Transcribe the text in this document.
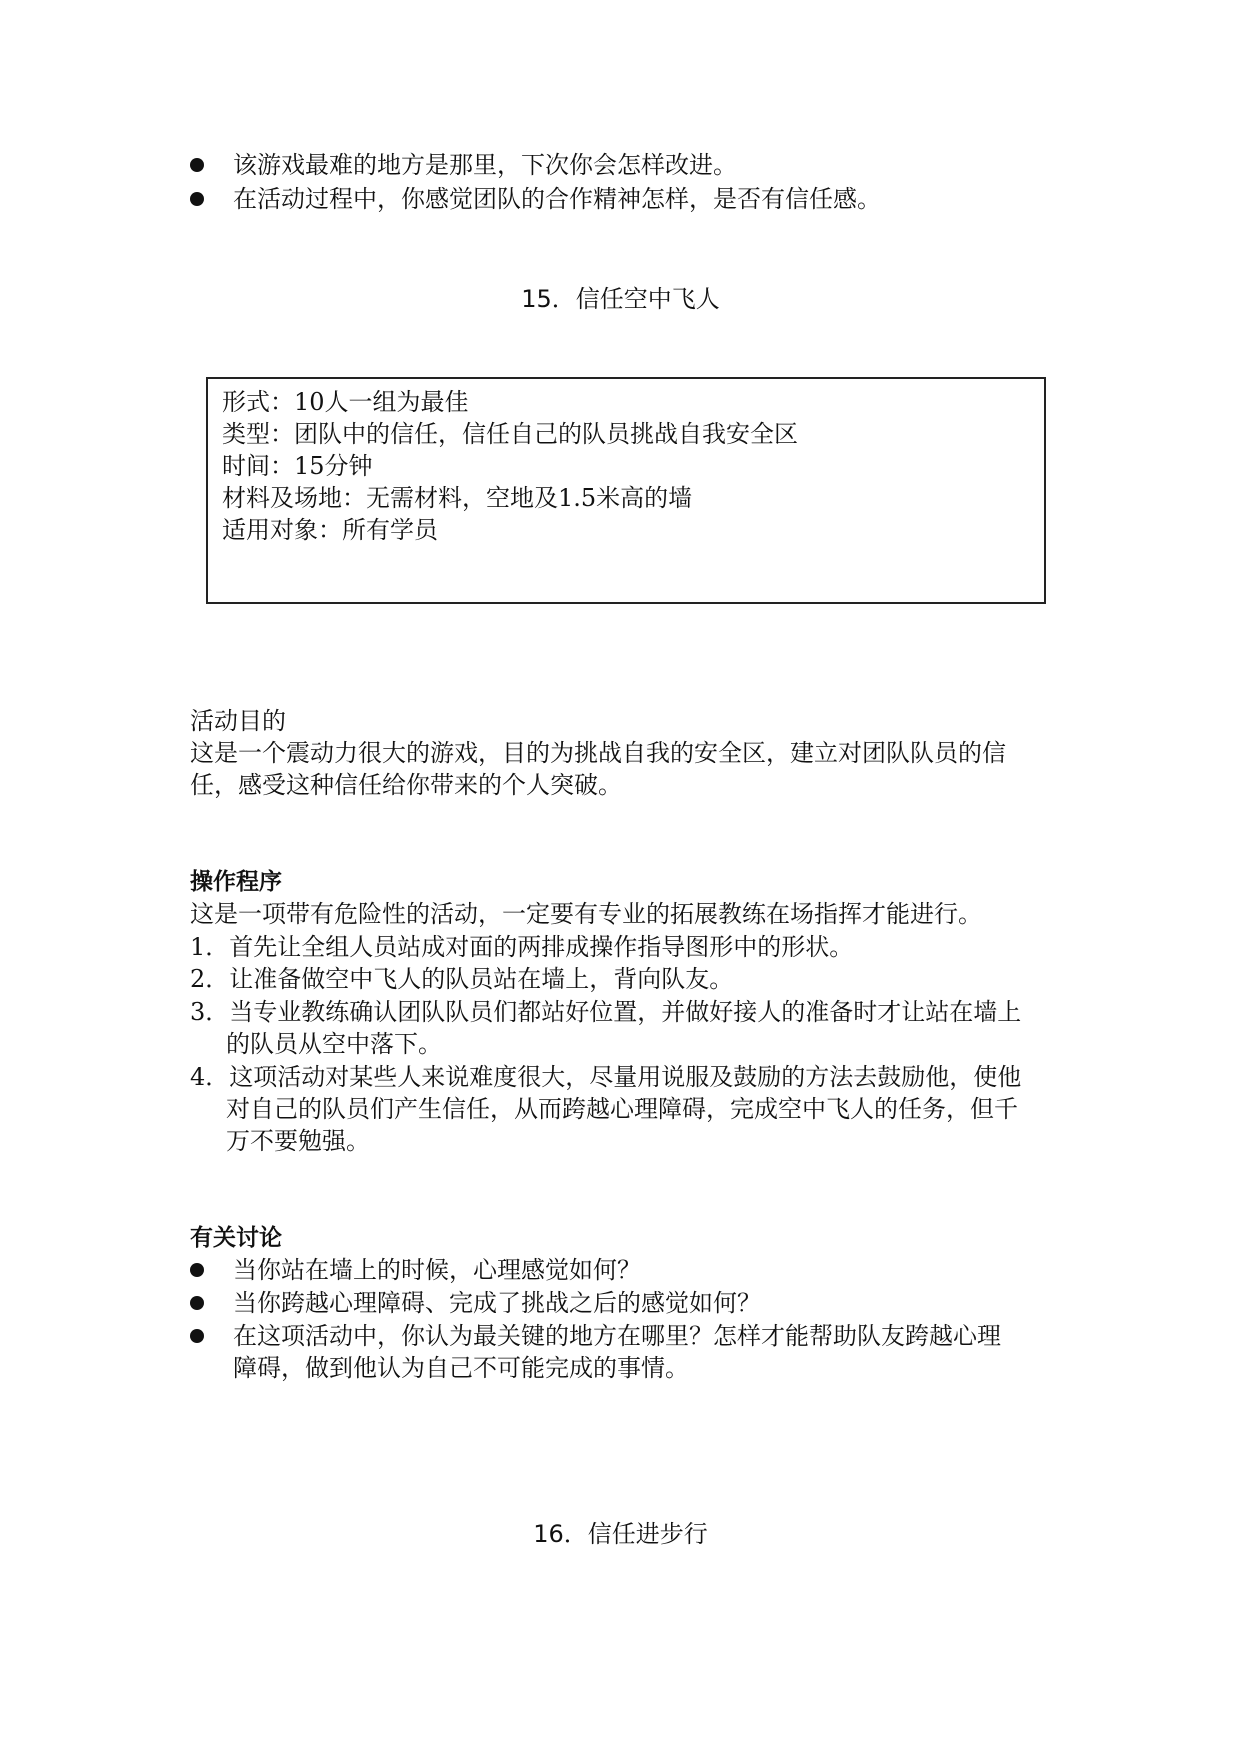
该游戏最难的地方是那里，下次你会怎样改进。
在活动过程中，你感觉团队的合作精神怎样，是否有信任感。
15．信任空中飞人
形式：10人一组为最佳
类型：团队中的信任，信任自己的队员挑战自我安全区
时间：15分钟
材料及场地：无需材料，空地及1.5米高的墙
适用对象：所有学员
活动目的
这是一个震动力很大的游戏，目的为挑战自我的安全区，建立对团队队员的信
任，感受这种信任给你带来的个人突破。
操作程序
这是一项带有危险性的活动，一定要有专业的拓展教练在场指挥才能进行。
1．首先让全组人员站成对面的两排成操作指导图形中的形状。
2．让准备做空中飞人的队员站在墙上，背向队友。
3．当专业教练确认团队队员们都站好位置，并做好接人的准备时才让站在墙上
的队员从空中落下。
4．这项活动对某些人来说难度很大，尽量用说服及鼓励的方法去鼓励他，使他
对自己的队员们产生信任，从而跨越心理障碍，完成空中飞人的任务，但千
万不要勉强。
有关讨论
当你站在墙上的时候，心理感觉如何？
当你跨越心理障碍、完成了挑战之后的感觉如何？
在这项活动中，你认为最关键的地方在哪里？怎样才能帮助队友跨越心理
障碍，做到他认为自己不可能完成的事情。
16．信任进步行
